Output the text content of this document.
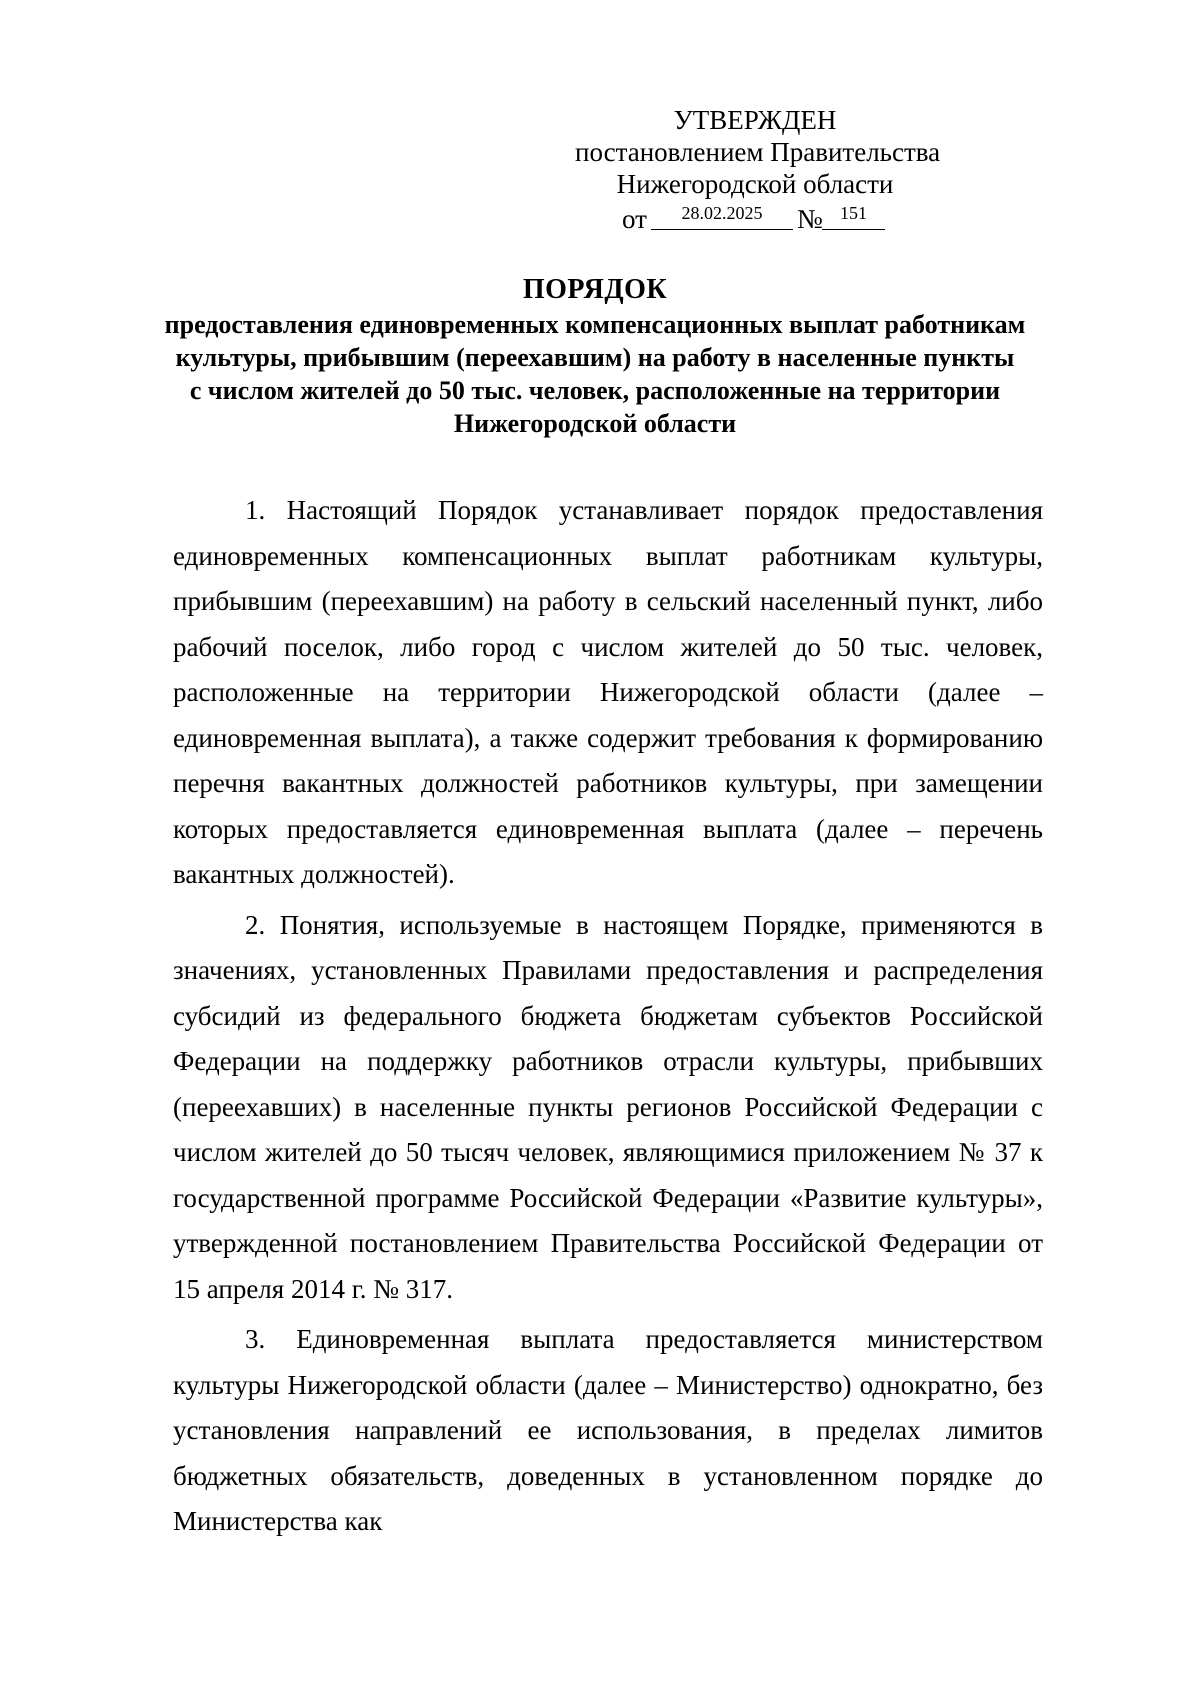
УТВЕРЖДЕН
постановлением Правительства
Нижегородской области
от	28.02.2025	№ 151
ПОРЯДОК
предоставления единовременных компенсационных выплат работникам
культуры, прибывшим (переехавшим) на работу в населенные пункты
с числом жителей до 50 тыс. человек, расположенные на территории
Нижегородской области

1. Настоящий Порядок устанавливает порядок предоставления единовременных компенсационных выплат работникам культуры, прибывшим (переехавшим) на работу в сельский населенный пункт, либо рабочий поселок, либо город с числом жителей до 50 тыс. человек, расположенные на территории Нижегородской области (далее – единовременная выплата), а также содержит требования к формированию перечня вакантных должностей работников культуры, при замещении которых предоставляется единовременная выплата (далее – перечень вакантных должностей).

2. Понятия, используемые в настоящем Порядке, применяются в значениях, установленных Правилами предоставления и распределения субсидий из федерального бюджета бюджетам субъектов Российской Федерации на поддержку работников отрасли культуры, прибывших (переехавших) в населенные пункты регионов Российской Федерации с числом жителей до 50 тысяч человек, являющимися приложением № 37 к государственной программе Российской Федерации «Развитие культуры», утвержденной постановлением Правительства Российской Федерации от 15 апреля 2014 г. № 317.

3. Единовременная выплата предоставляется министерством культуры Нижегородской области (далее – Министерство) однократно, без установления направлений ее использования, в пределах лимитов бюджетных обязательств, доведенных в установленном порядке до Министерства как
